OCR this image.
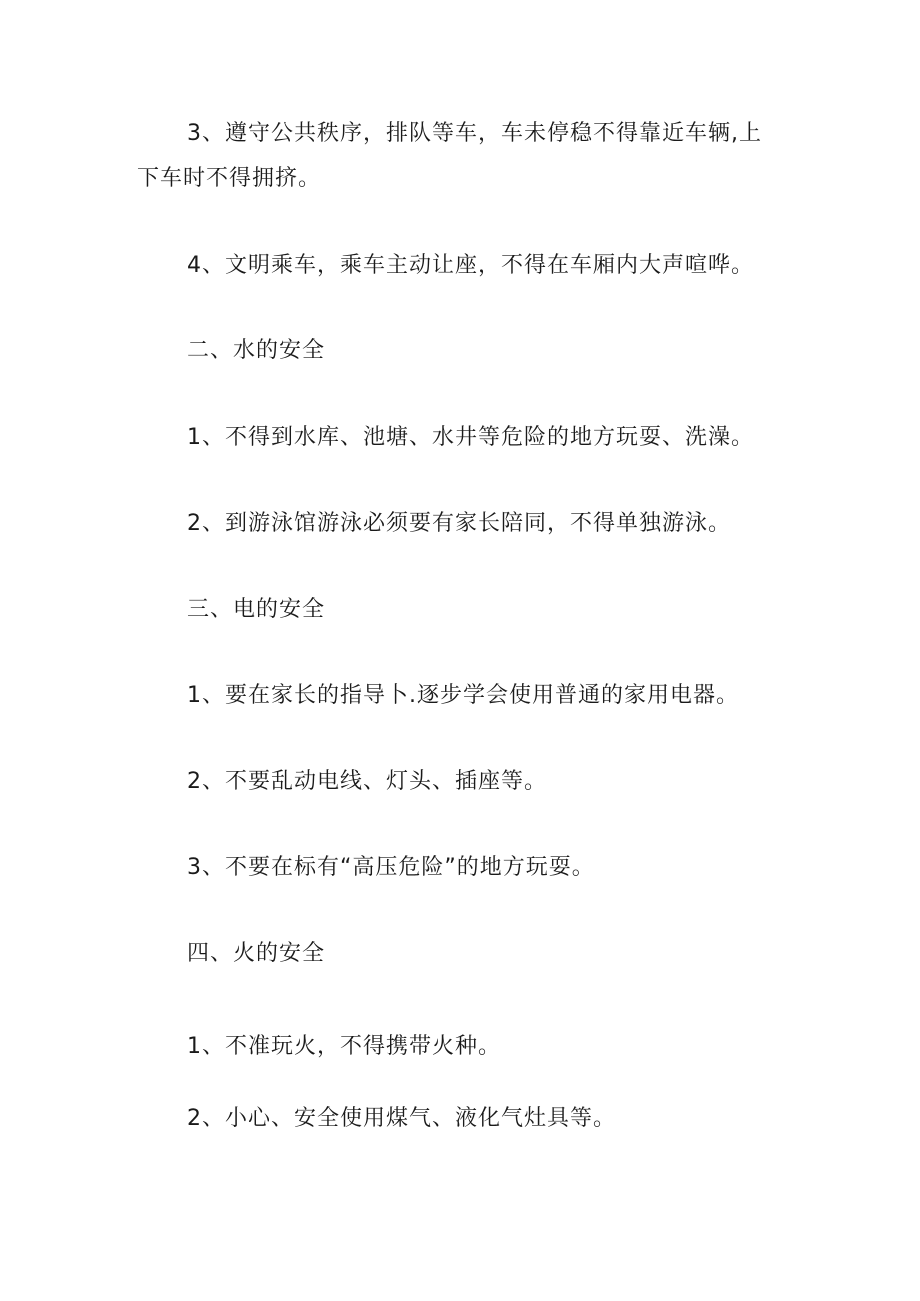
3、遵守公共秩序，排队等车，车未停稳不得靠近车辆,上
下车时不得拥挤。
4、文明乘车，乘车主动让座，不得在车厢内大声喧哗。
二、水的安全
1、不得到水库、池塘、水井等危险的地方玩耍、洗澡。
2、到游泳馆游泳必须要有家长陪同，不得单独游泳。
三、电的安全
1、要在家长的指导卜.逐步学会使用普通的家用电器。
2、不要乱动电线、灯头、插座等。
3、不要在标有“高压危险”的地方玩耍。
四、火的安全
1、不准玩火，不得携带火种。
2、小心、安全使用煤气、液化气灶具等。
